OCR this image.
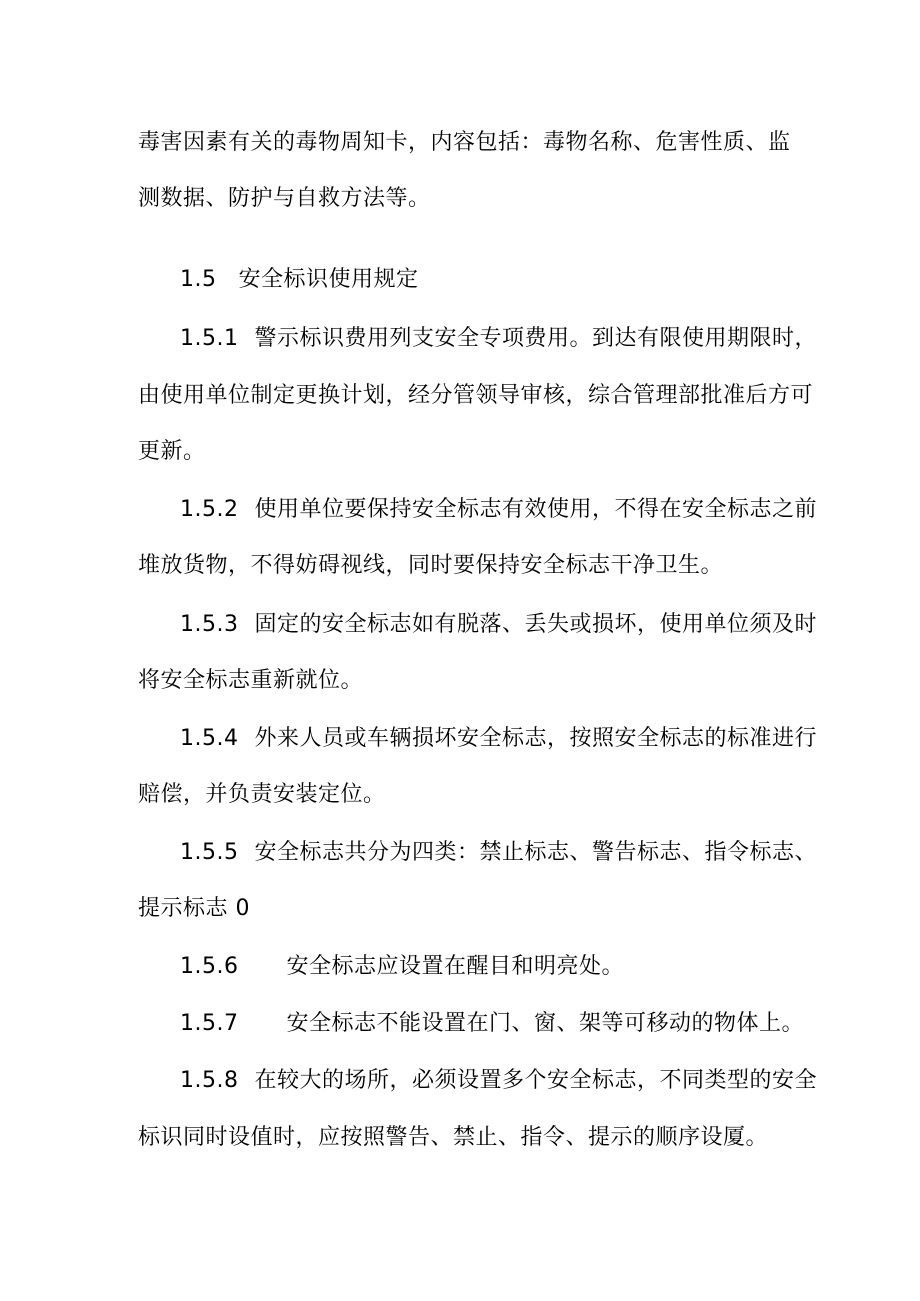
毒害因素有关的毒物周知卡，内容包括：毒物名称、危害性质、监
测数据、防护与自救方法等。
1.5 安全标识使用规定
1.5.1 警示标识费用列支安全专项费用。到达有限使用期限时，
由使用单位制定更换计划，经分管领导审核，综合管理部批准后方可
更新。
1.5.2 使用单位要保持安全标志有效使用，不得在安全标志之前
堆放货物，不得妨碍视线，同时要保持安全标志干净卫生。
1.5.3 固定的安全标志如有脱落、丢失或损坏，使用单位须及时
将安全标志重新就位。
1.5.4 外来人员或车辆损坏安全标志，按照安全标志的标准进行
赔偿，并负责安装定位。
1.5.5 安全标志共分为四类：禁止标志、警告标志、指令标志、
提示标志 0
1.5.6 安全标志应设置在醒目和明亮处。
1.5.7 安全标志不能设置在门、窗、架等可移动的物体上。
1.5.8 在较大的场所，必须设置多个安全标志，不同类型的安全
标识同时设值时，应按照警告、禁止、指令、提示的顺序设厦。
